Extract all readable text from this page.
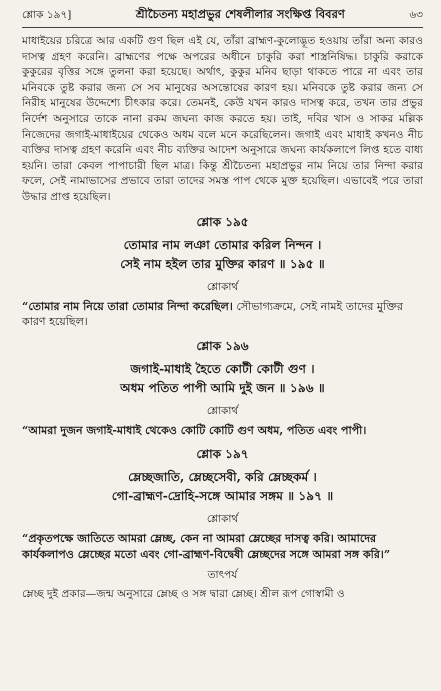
শ্লোক ১৯৭]	শ্রীচৈতন্য মহাপ্রভুর শেষলীলার সংক্ষিপ্ত বিবরণ	৬৩

মাধাইয়ের চরিত্রে আর একটি গুণ ছিল এই যে, তাঁরা ব্রাহ্মণ-কুলোদ্ভূত হওয়ায় তাঁরা অন্য কারও দাসত্ব গ্রহণ করেনি। ব্রাহ্মণের পক্ষে অপরের অধীনে চাকুরি করা শাস্ত্রনিষিদ্ধ। চাকুরি করাকে কুকুরের বৃত্তির সঙ্গে তুলনা করা হয়েছে। অর্থাৎ, কুকুর মনিব ছাড়া থাকতে পারে না এবং তার মনিবকে তুষ্ট করার জন্য সে সব মানুষের অসন্তোষের কারণ হয়। মনিবকে তুষ্ট করার জন্য সে নিরীহ মানুষের উদ্দেশ্যে চীৎকার করে। তেমনই, কেউ যখন কারও দাসত্ব করে, তখন তার প্রভুর নির্দেশ অনুসারে তাকে নানা রকম জঘন্য কাজ করতে হয়। তাই, দবির খাস ও সাকর মল্লিক নিজেদের জগাই-মাধাইয়ের থেকেও অধম বলে মনে করেছিলেন। জগাই এবং মাধাই কখনও নীচ ব্যক্তির দাসত্ব গ্রহণ করেনি এবং নীচ ব্যক্তির আদেশ অনুসারে জঘন্য কার্যকলাপে লিপ্ত হতে বাধ্য হয়নি। তারা কেবল পাপাচারী ছিল মাত্র। কিন্তু শ্রীচৈতন্য মহাপ্রভুর নাম নিয়ে তার নিন্দা করার ফলে, সেই নামাভাসের প্রভাবে তারা তাদের সমস্ত পাপ থেকে মুক্ত হয়েছিল। এভাবেই পরে তারা উদ্ধার প্রাপ্ত হয়েছিল।

শ্লোক ১৯৫

তোমার নাম লঞা তোমার করিল নিন্দন ।

সেই নাম হইল তার মুক্তির কারণ ॥ ১৯৫ ॥

শ্লোকার্থ

“তোমার নাম নিয়ে তারা তোমার নিন্দা করেছিল। সৌভাগ্যক্রমে, সেই নামই তাদের মুক্তির কারণ হয়েছিল।

শ্লোক ১৯৬

জগাই-মাধাই হৈতে কোটী কোটী গুণ ।

অধম পতিত পাপী আমি দুই জন ॥ ১৯৬ ॥

শ্লোকার্থ

“আমরা দুজন জগাই-মাধাই থেকেও কোটি কোটি গুণ অধম, পতিত এবং পাপী।

শ্লোক ১৯৭

ম্লেচ্ছজাতি, ম্লেচ্ছসেবী, করি ম্লেচ্ছকর্ম ।

গো-ব্রাহ্মণ-দ্রোহি-সঙ্গে আমার সঙ্গম ॥ ১৯৭ ॥

শ্লোকার্থ

“প্রকৃতপক্ষে জাতিতে আমরা ম্লেচ্ছ, কেন না আমরা ম্লেচ্ছের দাসত্ব করি। আমাদের কার্যকলাপও ম্লেচ্ছের মতো এবং গো-ব্রাহ্মণ-বিদ্বেষী ম্লেচ্ছদের সঙ্গে আমরা সঙ্গ করি।”

তাৎপর্য

ম্লেচ্ছ দুই প্রকার—জন্ম অনুসারে ম্লেচ্ছ ও সঙ্গ দ্বারা ম্লেচ্ছ। শ্রীল রূপ গোস্বামী ও
